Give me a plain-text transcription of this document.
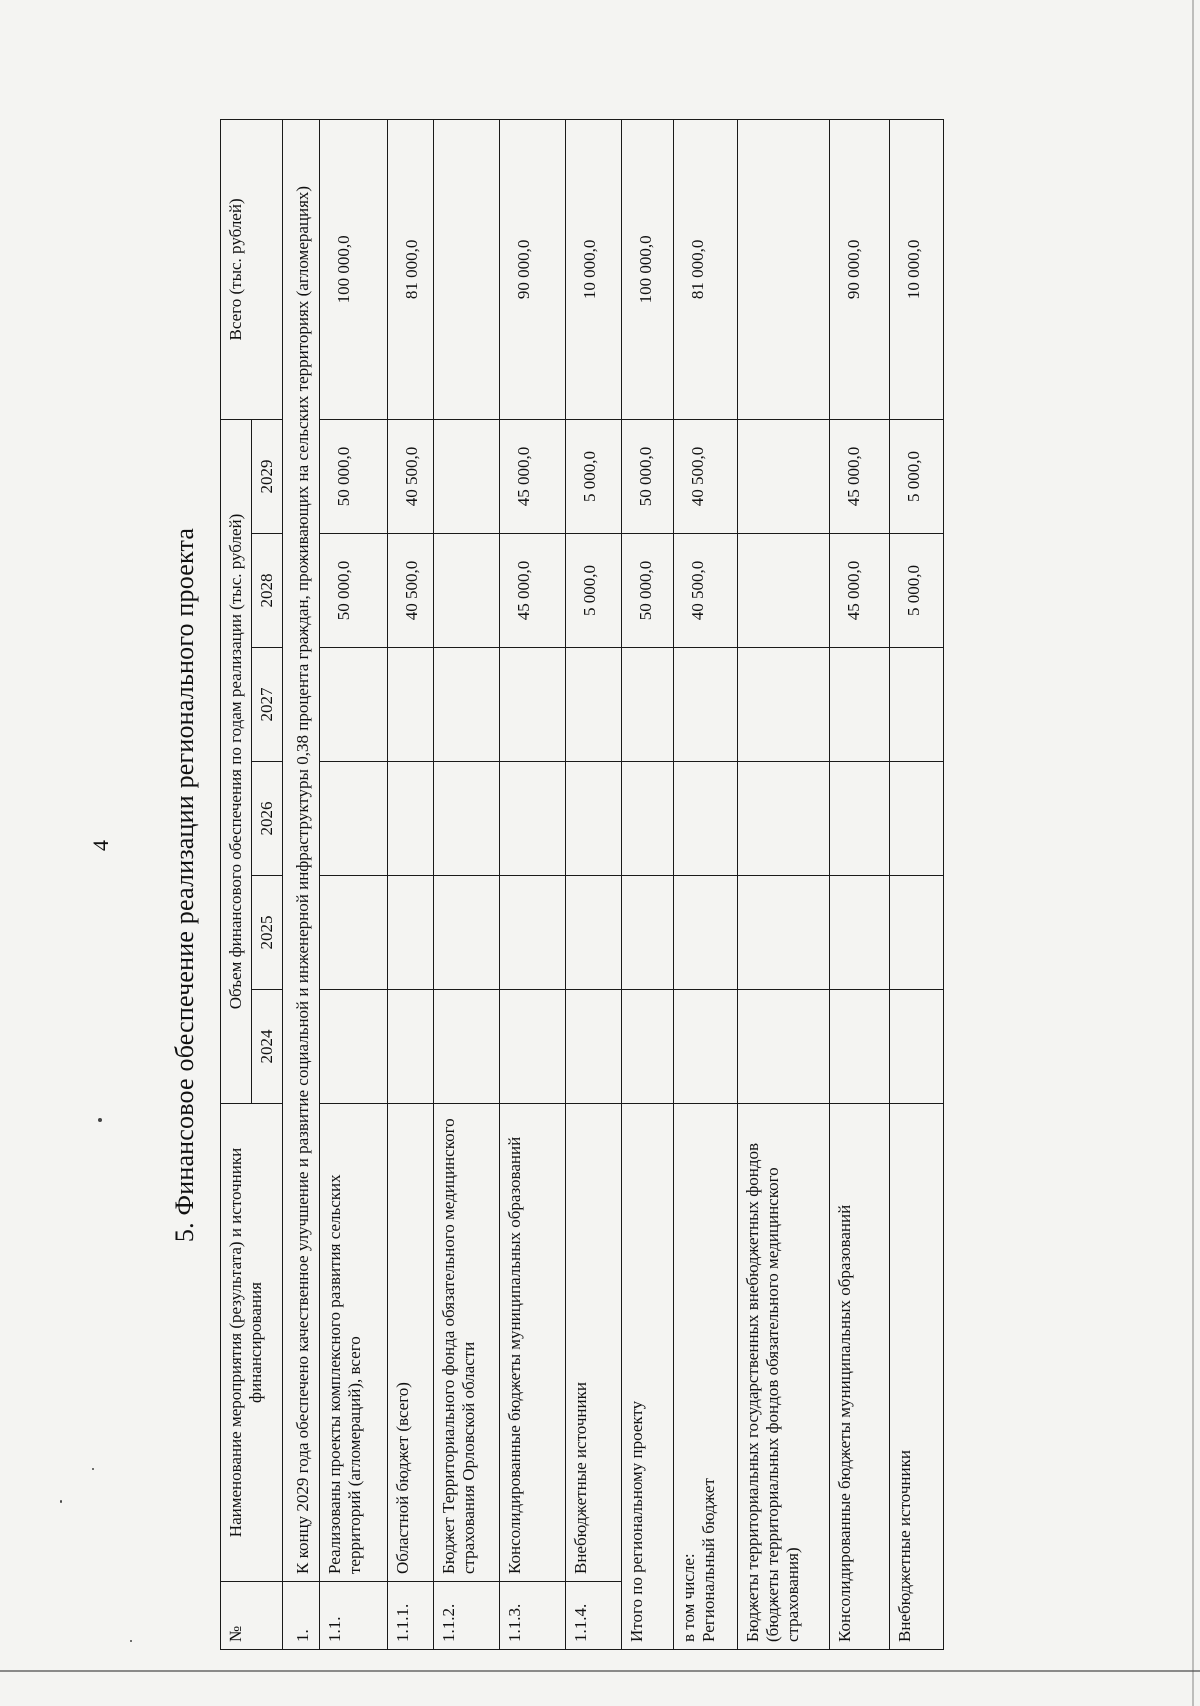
4	5. Финансовое обеспечение реализации регионального проекта
№	Наименование мероприятия (результата) и источники финансирования	Объем финансового обеспечения по годам реализации (тыс. рублей)						Всего (тыс. рублей)
		2024	2025	2026	2027	2028	2029	
1.	К концу 2029 года обеспечено качественное улучшение и развитие социальной и инженерной инфраструктуры 0,38 процента граждан, проживающих на сельских территориях (агломерациях)							
1.1.	Реализованы проекты комплексного развития сельских территорий (агломераций), всего					50 000,0	50 000,0	100 000,0
1.1.1.	Областной бюджет (всего)					40 500,0	40 500,0	81 000,0
1.1.2.	Бюджет Территориального фонда обязательного медицинского страхования Орловской области							
1.1.3.	Консолидированные бюджеты муниципальных образований					45 000,0	45 000,0	90 000,0
1.1.4.	Внебюджетные источники					5 000,0	5 000,0	10 000,0
Итого по региональному проекту						50 000,0	50 000,0	100 000,0

в том числе: Региональный бюджет						40 500,0	40 500,0	81 000,0
Бюджеты территориальных государственных внебюджетных фондов (бюджеты территориальных фондов обязательного медицинского страхования)								
Консолидированные бюджеты муниципальных образований						45 000,0	45 000,0	90 000,0
Внебюджетные источники						5 000,0	5 000,0	10 000,0
